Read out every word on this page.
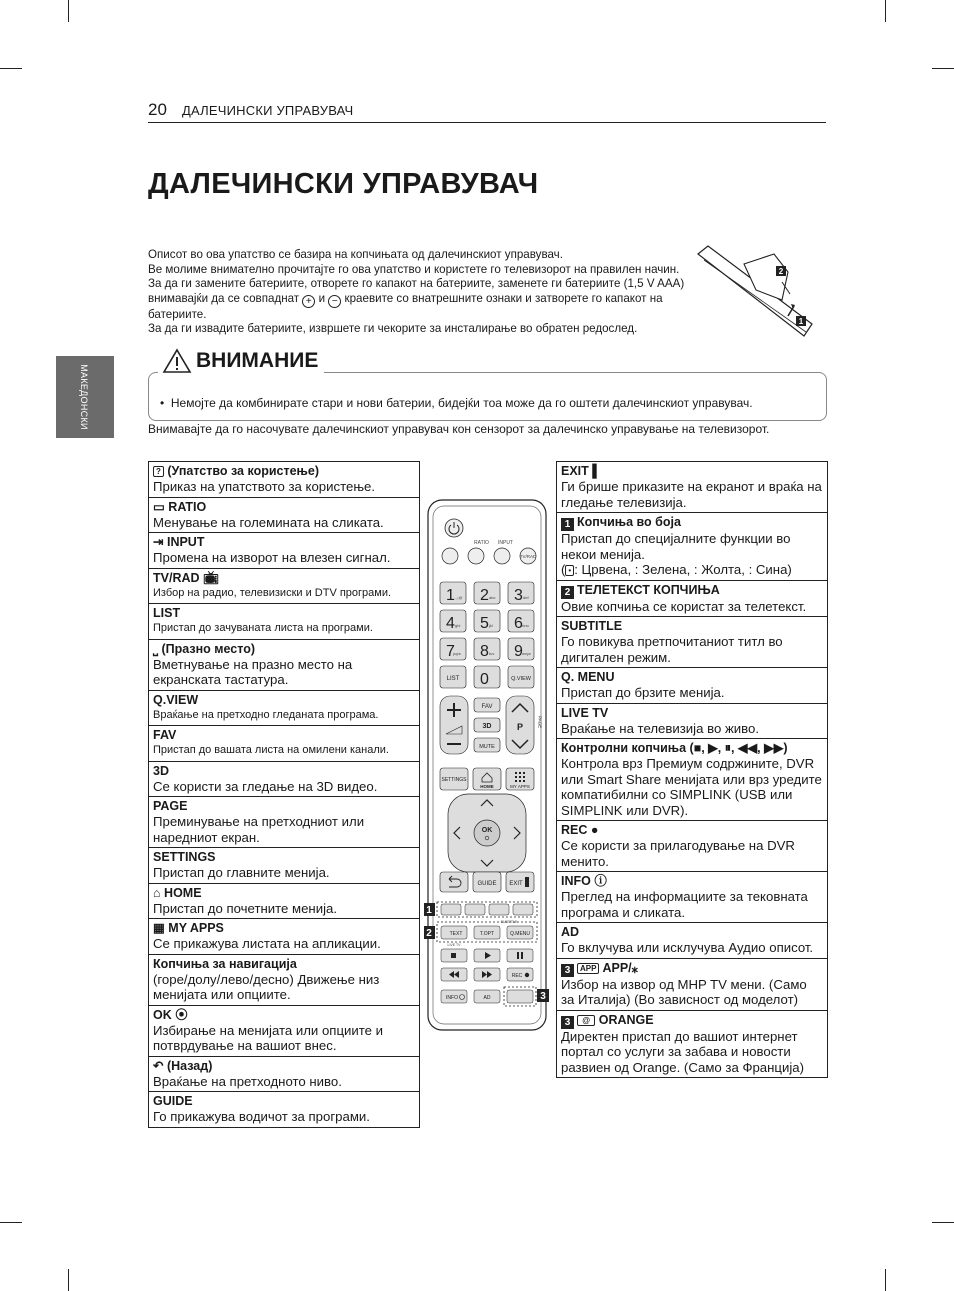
20 ДАЛЕЧИНСКИ УПРАВУВАЧ
МАКЕДОНСКИ
ДАЛЕЧИНСКИ УПРАВУВАЧ

Описот во ова упатство се базира на копчињата од далечинскиот управувач.

Ве молиме внимателно прочитајте го ова упатство и користете го телевизорот на правилен начин.

За да ги замените батериите, отворете го капакот на батериите, заменете ги батериите (1,5 V AAA)

внимавајќи да се совпаднат + и − краевите со внатрешните ознаки и затворете го капакот на

батериите.

За да ги извадите батериите, извршете ги чекорите за инсталирање во обратен редослед.

2
1
ВНИМАНИЕ
• Немојте да комбинирате стари и нови батерии, бидејќи тоа може да го оштети далечинскиот управувач.
Внимавајте да го насочувате далечинскиот управувач кон сензорот за далечинско управување на телевизорот.
? (Упатство за користење)
Приказ на упатството за користење.
▭ RATIO
Менување на големината на сликата.
⇥ INPUT
Промена на изворот на влезен сигнал.
TV/RAD 📺︎
Избор на радио, телевизиски и DTV програми.
LIST
Пристап до зачуваната листа на програми.
⎵ (Празно место)
Вметнување на празно место на екранската тастатура.
Q.VIEW
Враќање на претходно гледаната програма.
FAV
Пристап до вашата листа на омилени канали.
3D
Се користи за гледање на 3D видео.
PAGE
Преминување на претходниот или наредниот екран.
SETTINGS
Пристап до главните менија.
⌂ HOME
Пристап до почетните менија.
▦ MY APPS
Се прикажува листата на апликации.
Копчиња за навигација
(горе/долу/лево/десно) Движење низ менијата или опциите.
OK ⦿
Избирање на менијата или опциите и потврдување на вашиот внес.
↶ (Назад)
Враќање на претходното ниво.
GUIDE
Го прикажува водичот за програми.
EXIT ▌
Ги брише приказите на екранот и враќа на гледање телевизија.
1 Копчиња во боја
Пристап до специјалните функции во некои менија.
( • : Црвена, : Зелена, : Жолта, : Сина)
2 ТЕЛЕТЕКСТ КОПЧИЊА
Овие копчиња се користат за телетекст.
SUBTITLE
Го повикува претпочитаниот титл во дигитален режим.
Q. MENU
Пристап до брзите менија.
LIVE TV
Враќање на телевизија во живо.
Контролни копчиња (■, ▶, ⏸, ◀◀, ▶▶)
Контрола врз Премиум содржините, DVR или Smart Share менијата или врз уредите компатибилни со SIMPLINK (USB или SIMPLINK или DVR).
REC ●
Се користи за прилагодување на DVR менито.
INFO ⓘ
Преглед на информациите за тековната програма и сликата.
AD
Го вклучува или исклучува Аудио описот.
3 APP APP/⁎
Избор на извор од MHP TV мени. (Само за Италија) (Во зависност од моделот)
3 @  ORANGE
Директен пристап до вашиот интернет портал со услуги за забава и новости развиен од Orange. (Само за Франција)
RATIO INPUT
TV/RAD
1 2 3
4 5 6
7 8 9
.,;@	abc	def
ghi	jkl	mno
pqrs	tuv	wxyz
LIST 0	Q.VIEW
FAV
3D
MUTE
P	PAGE
SETTINGS
HOME	MY APPS
OK
GUIDE EXIT
SUBTITLE
TEXT	T.OPT	Q.MENU
LIVE TV
REC
INFO	AD
1
2
3
